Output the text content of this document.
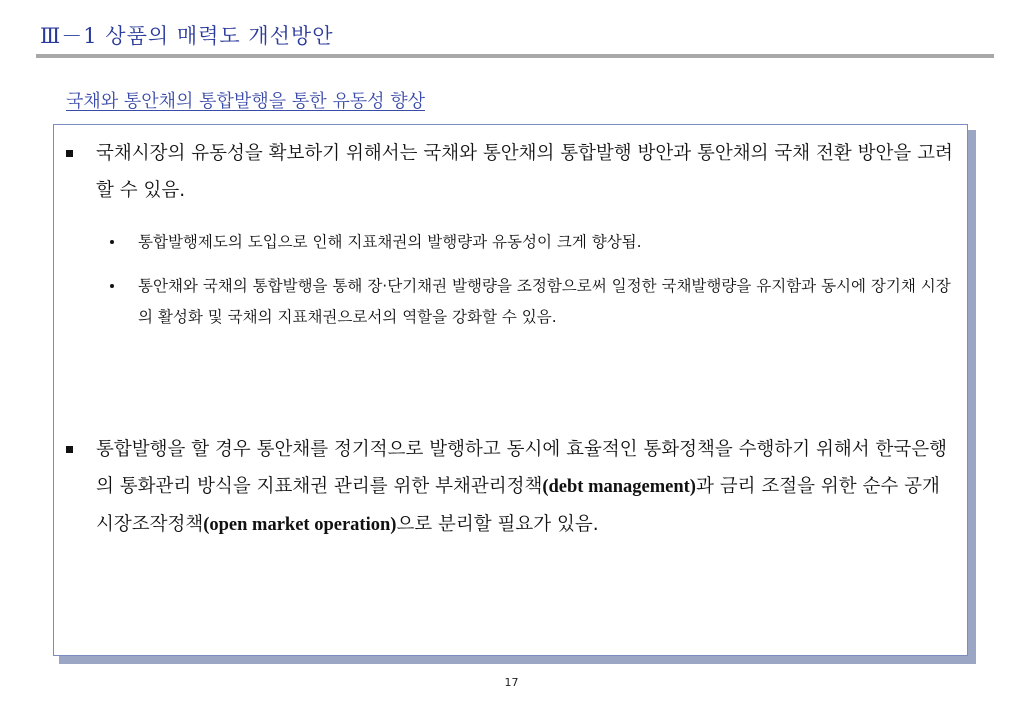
Ⅲ－1 상품의 매력도 개선방안
국채와 통안채의 통합발행을 통한 유동성 향상
국채시장의 유동성을 확보하기 위해서는 국채와 통안채의 통합발행 방안과 통안채의 국채 전환 방안을 고려할 수 있음.
통합발행제도의 도입으로 인해 지표채권의 발행량과 유동성이 크게 향상됨.
통안채와 국채의 통합발행을 통해 장·단기채권 발행량을 조정함으로써 일정한 국채발행량을 유지함과 동시에 장기채 시장의 활성화 및 국채의 지표채권으로서의 역할을 강화할 수 있음.
통합발행을 할 경우 통안채를 정기적으로 발행하고 동시에 효율적인 통화정책을 수행하기 위해서 한국은행의 통화관리 방식을 지표채권 관리를 위한 부채관리정책(debt management)과 금리 조절을 위한 순수 공개시장조작정책(open market operation)으로 분리할 필요가 있음.
17
